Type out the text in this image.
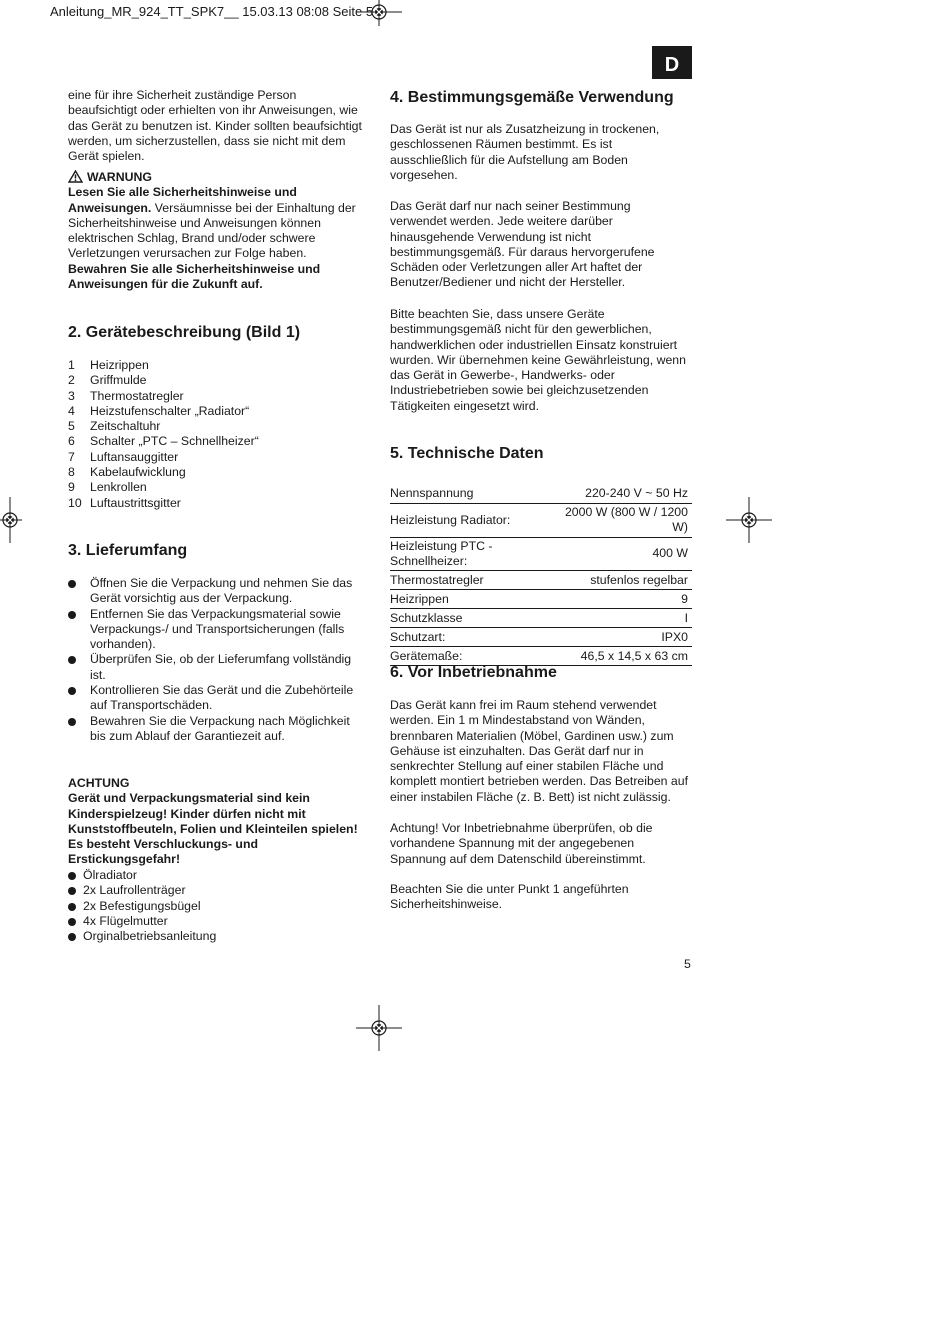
Anleitung_MR_924_TT_SPK7__ 15.03.13 08:08 Seite 5
D

eine für ihre Sicherheit zuständige Person beaufsichtigt oder erhielten von ihr Anweisungen, wie das Gerät zu benutzen ist. Kinder sollten beaufsichtigt werden, um sicherzustellen, dass sie nicht mit dem Gerät spielen.

WARNUNG

Lesen Sie alle Sicherheitshinweise und Anweisungen. Versäumnisse bei der Einhaltung der Sicherheitshinweise und Anweisungen können elektrischen Schlag, Brand und/oder schwere Verletzungen verursachen zur Folge haben.

Bewahren Sie alle Sicherheitshinweise und Anweisungen für die Zukunft auf.

2. Gerätebeschreibung (Bild 1)
1	Heizrippen
2	Griffmulde
3	Thermostatregler
4	Heizstufenschalter „Radiator“
5	Zeitschaltuhr
6	Schalter „PTC – Schnellheizer“
7	Luftansauggitter
8	Kabelaufwicklung
9	Lenkrollen
10 Luftaustrittsgitter
3. Lieferumfang
Öffnen Sie die Verpackung und nehmen Sie das Gerät vorsichtig aus der Verpackung.
Entfernen Sie das Verpackungsmaterial sowie Verpackungs-/ und Transportsicherungen (falls vorhanden).
Überprüfen Sie, ob der Lieferumfang vollständig ist.
Kontrollieren Sie das Gerät und die Zubehörteile auf Transportschäden.
Bewahren Sie die Verpackung nach Möglichkeit bis zum Ablauf der Garantiezeit auf.

ACHTUNG

Gerät und Verpackungsmaterial sind kein Kinderspielzeug! Kinder dürfen nicht mit Kunststoffbeuteln, Folien und Kleinteilen spielen! Es besteht Verschluckungs- und Erstickungsgefahr!

Ölradiator
2x Laufrollenträger
2x Befestigungsbügel
4x Flügelmutter
Orginalbetriebsanleitung
4. Bestimmungsgemäße Verwendung

Das Gerät ist nur als Zusatzheizung in trockenen, geschlossenen Räumen bestimmt. Es ist ausschließlich für die Aufstellung am Boden vorgesehen.

Das Gerät darf nur nach seiner Bestimmung verwendet werden. Jede weitere darüber hinausgehende Verwendung ist nicht bestimmungsgemäß. Für daraus hervorgerufene Schäden oder Verletzungen aller Art haftet der Benutzer/Bediener und nicht der Hersteller.

Bitte beachten Sie, dass unsere Geräte bestimmungsgemäß nicht für den gewerblichen, handwerklichen oder industriellen Einsatz konstruiert wurden. Wir übernehmen keine Gewährleistung, wenn das Gerät in Gewerbe-, Handwerks- oder Industriebetrieben sowie bei gleichzusetzenden Tätigkeiten eingesetzt wird.

5. Technische Daten
Nennspannung	220-240 V ~ 50 Hz
Heizleistung Radiator:	2000 W (800 W / 1200 W)
Heizleistung PTC - Schnellheizer:	400 W
Thermostatregler	stufenlos regelbar
Heizrippen	9
Schutzklasse	I
Schutzart:	IPX0
Gerätemaße:	46,5 x 14,5 x 63 cm
6. Vor Inbetriebnahme

Das Gerät kann frei im Raum stehend verwendet werden. Ein 1 m Mindestabstand von Wänden, brennbaren Materialien (Möbel, Gardinen usw.) zum Gehäuse ist einzuhalten. Das Gerät darf nur in senkrechter Stellung auf einer stabilen Fläche und komplett montiert betrieben werden. Das Betreiben auf einer instabilen Fläche (z. B. Bett) ist nicht zulässig.

Achtung! Vor Inbetriebnahme überprüfen, ob die vorhandene Spannung mit der angegebenen Spannung auf dem Datenschild übereinstimmt.

Beachten Sie die unter Punkt 1 angeführten Sicherheitshinweise.

5
